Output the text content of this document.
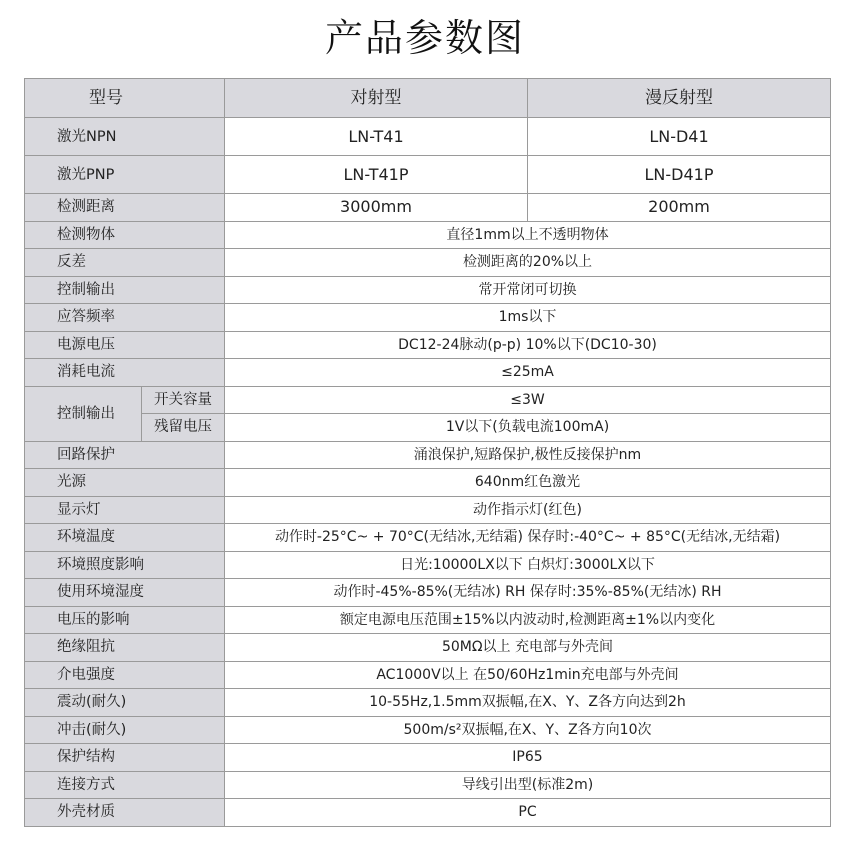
产品参数图
型号		对射型	漫反射型
激光NPN		LN-T41	LN-D41
激光PNP		LN-T41P	LN-D41P
检测距离		3000mm	200mm
检测物体		直径1mm以上不透明物体	
反差		检测距离的20%以上	
控制输出		常开常闭可切换	
应答频率		1ms以下	
电源电压		DC12-24脉动(p-p) 10%以下(DC10-30)	
消耗电流		≤25mA	
控制输出	开关容量	≤3W	
	残留电压	1V以下(负载电流100mA)	
回路保护		涌浪保护,短路保护,极性反接保护nm	
光源		640nm红色激光	
显示灯		动作指示灯(红色)	
环境温度		动作时-25°C~ + 70°C(无结冰,无结霜) 保存时:-40°C~ + 85°C(无结冰,无结霜)	
环境照度影响		日光:10000LX以下 白炽灯:3000LX以下	
使用环境湿度		动作时-45%-85%(无结冰) RH 保存时:35%-85%(无结冰) RH	
电压的影响		额定电源电压范围±15%以内波动时,检测距离±1%以内变化	
绝缘阻抗		50MΩ以上 充电部与外壳间	
介电强度		AC1000V以上 在50/60Hz1min充电部与外壳间	
震动(耐久)		10-55Hz,1.5mm双振幅,在X、Y、Z各方向达到2h	
冲击(耐久)		500m/s²双振幅,在X、Y、Z各方向10次	
保护结构		IP65	
连接方式		导线引出型(标准2m)	
外壳材质		PC	
